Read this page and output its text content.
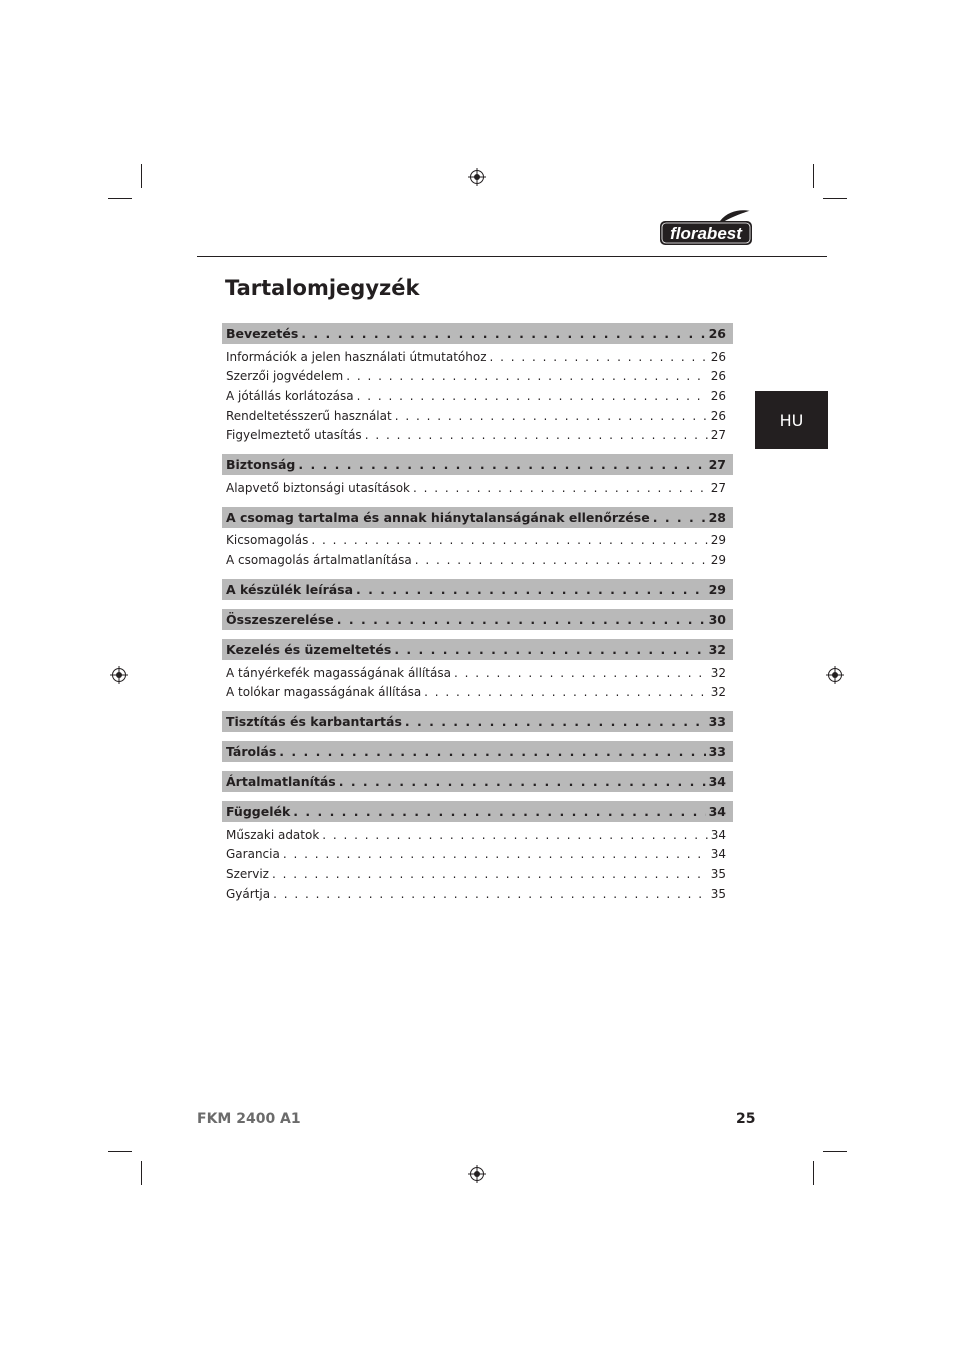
florabest
HU
Tartalomjegyzék
Bevezetés . . .	26
Információk a jelen használati útmutatóhoz . . .	26
Szerzői jogvédelem . . .	26
A jótállás korlátozása . . .	26
Rendeltetésszerű használat . . .	26
Figyelmeztető utasítás . . .	27
Biztonság . . .	27
Alapvető biztonsági utasítások . . .	27
A csomag tartalma és annak hiánytalanságának ellenőrzése . . .	28
Kicsomagolás . . .	29
A csomagolás ártalmatlanítása . . .	29
A készülék leírása . . .	29
Összeszerelése . . .	30
Kezelés és üzemeltetés . . .	32
A tányérkefék magasságának állítása . . .	32
A tolókar magasságának állítása . . .	32
Tisztítás és karbantartás . . .	33
Tárolás . . .	33
Ártalmatlanítás . . .	34
Függelék . . .	34
Műszaki adatok . . .	34
Garancia . . .	34
Szerviz . . .	35
Gyártja . . .	35
FKM 2400 A1	25
